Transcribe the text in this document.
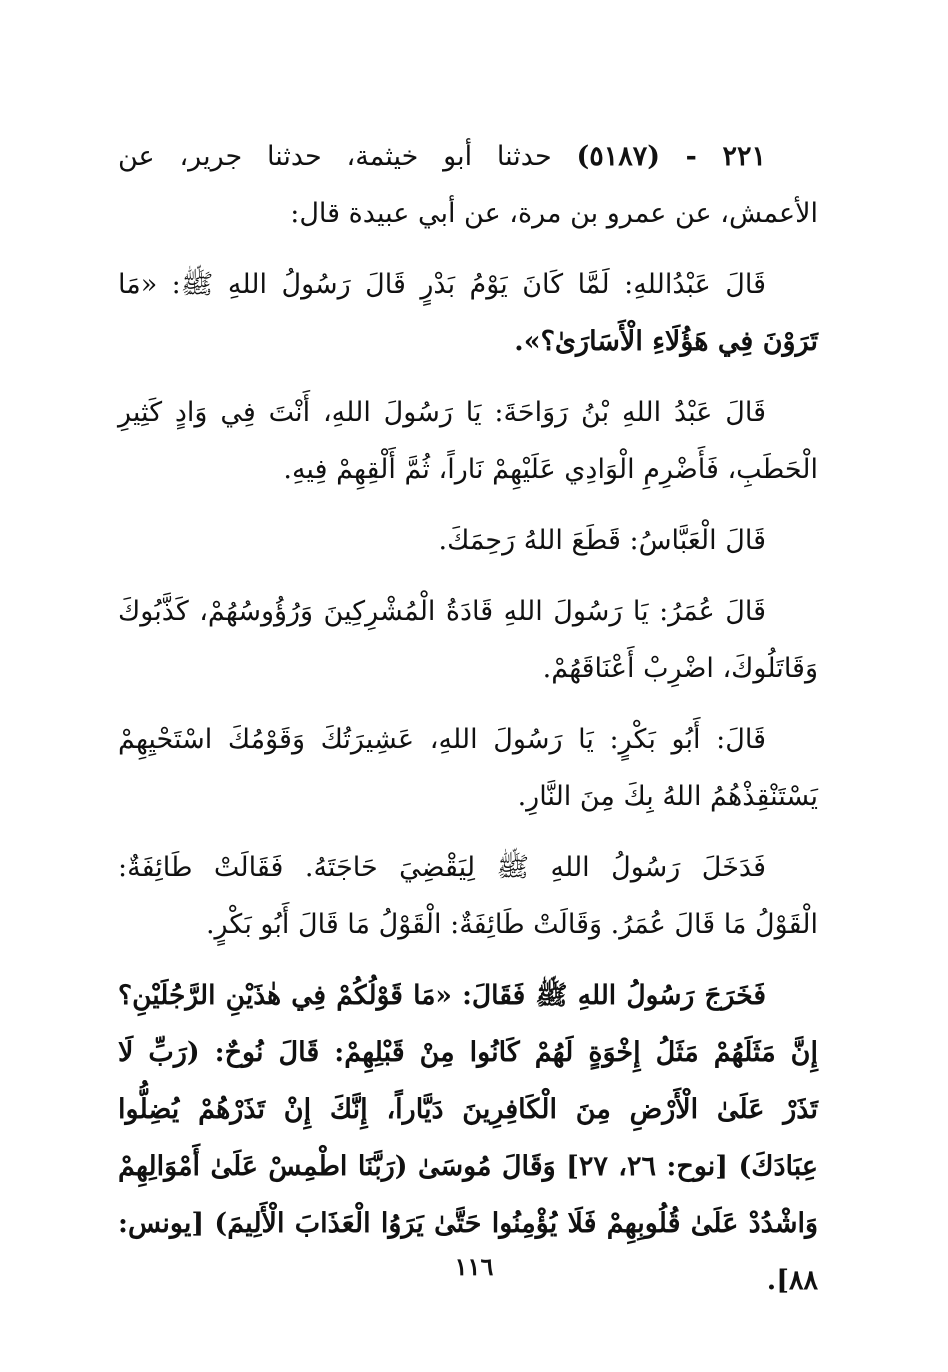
٢٢١ - (٥١٨٧) حدثنا أبو خيثمة، حدثنا جرير، عن
الأعمش، عن عمرو بن مرة، عن أبي عبيدة قال:
قَالَ عَبْدُاللهِ: لَمَّا كَانَ يَوْمُ بَدْرٍ قَالَ رَسُولُ اللهِ ﷺ: «مَا
تَرَوْنَ فِي هَؤُلَاءِ الْأَسَارَىٰ؟».
قَالَ عَبْدُ اللهِ بْنُ رَوَاحَةَ: يَا رَسُولَ اللهِ، أَنْتَ فِي وَادٍ كَثِيرِ
الْحَطَبِ، فَأَضْرِمِ الْوَادِي عَلَيْهِمْ نَاراً، ثُمَّ أَلْقِهِمْ فِيهِ.
قَالَ الْعَبَّاسُ: قَطَعَ اللهُ رَحِمَكَ.
قَالَ عُمَرُ: يَا رَسُولَ اللهِ قَادَةُ الْمُشْرِكِينَ وَرُؤُوسُهُمْ، كَذَّبُوكَ
وَقَاتَلُوكَ، اضْرِبْ أَعْنَاقَهُمْ.
قَالَ: أَبُو بَكْرٍ: يَا رَسُولَ اللهِ، عَشِيرَتُكَ وَقَوْمُكَ اسْتَحْيِهِمْ
يَسْتَنْقِذْهُمُ اللهُ بِكَ مِنَ النَّارِ.
فَدَخَلَ رَسُولُ اللهِ ﷺ لِيَقْضِيَ حَاجَتَهُ. فَقَالَتْ طَائِفَةٌ:
الْقَوْلُ مَا قَالَ عُمَرُ. وَقَالَتْ طَائِفَةٌ: الْقَوْلُ مَا قَالَ أَبُو بَكْرٍ.
فَخَرَجَ رَسُولُ اللهِ ﷺ فَقَالَ: «مَا قَوْلُكُمْ فِي هٰذَيْنِ الرَّجُلَيْنِ؟
إِنَّ مَثَلَهُمْ مَثَلُ إِخْوَةٍ لَهُمْ كَانُوا مِنْ قَبْلِهِمْ: قَالَ نُوحٌ: (رَبِّ لَا
تَذَرْ عَلَىٰ الْأَرْضِ مِنَ الْكَافِرِينَ دَيَّاراً، إِنَّكَ إِنْ تَذَرْهُمْ يُضِلُّوا
عِبَادَكَ) [نوح: ٢٦، ٢٧] وَقَالَ مُوسَىٰ (رَبَّنَا اطْمِسْ عَلَىٰ أَمْوَالِهِمْ
وَاشْدُدْ عَلَىٰ قُلُوبِهِمْ فَلَا يُؤْمِنُوا حَتَّىٰ يَرَوُا الْعَذَابَ الْأَلِيمَ) [يونس:
٨٨].
١١٦
